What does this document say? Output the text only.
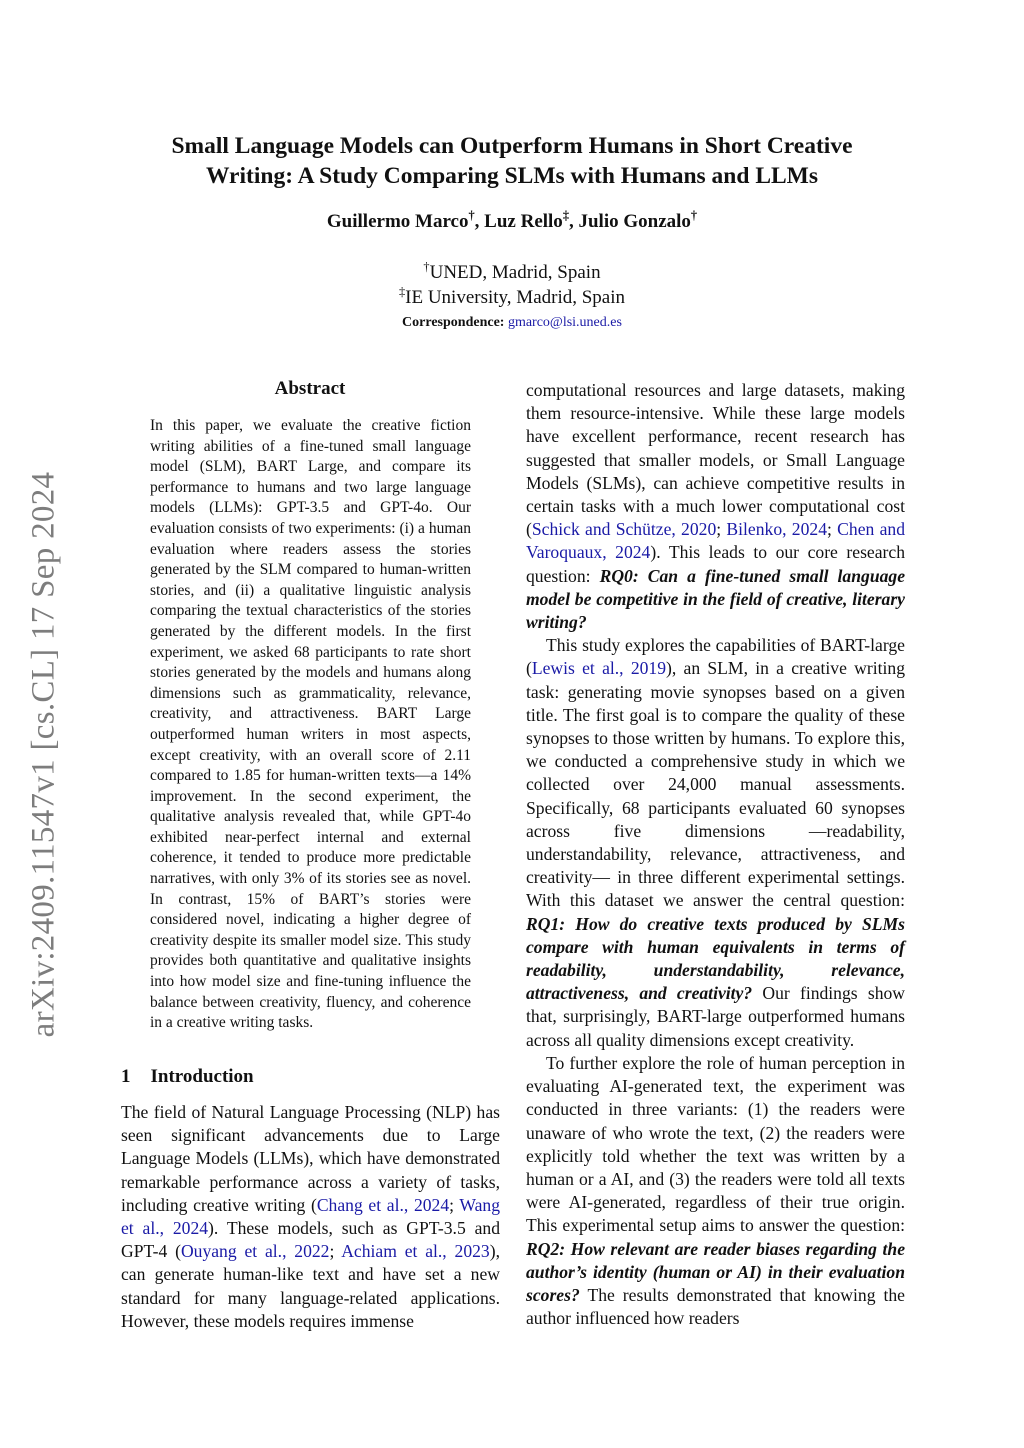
arXiv:2409.11547v1 [cs.CL] 17 Sep 2024
Small Language Models can Outperform Humans in Short Creative
Writing: A Study Comparing SLMs with Humans and LLMs
Guillermo Marco†, Luz Rello‡, Julio Gonzalo†
†UNED, Madrid, Spain
‡IE University, Madrid, Spain
Correspondence: gmarco@lsi.uned.es
Abstract
In this paper, we evaluate the creative fiction writing abilities of a fine-tuned small language model (SLM), BART Large, and compare its performance to humans and two large language models (LLMs): GPT-3.5 and GPT-4o. Our evaluation consists of two experiments: (i) a human evaluation where readers assess the stories generated by the SLM compared to human-written stories, and (ii) a qualitative linguistic analysis comparing the textual characteristics of the stories generated by the different models. In the first experiment, we asked 68 participants to rate short stories generated by the models and humans along dimensions such as grammaticality, relevance, creativity, and attractiveness. BART Large outperformed human writers in most aspects, except creativity, with an overall score of 2.11 compared to 1.85 for human-written texts—a 14% improvement. In the second experiment, the qualitative analysis revealed that, while GPT-4o exhibited near-perfect internal and external coherence, it tended to produce more predictable narratives, with only 3% of its stories see as novel. In contrast, 15% of BART’s stories were considered novel, indicating a higher degree of creativity despite its smaller model size. This study provides both quantitative and qualitative insights into how model size and fine-tuning influence the balance between creativity, fluency, and coherence in a creative writing tasks.
1 Introduction

The field of Natural Language Processing (NLP) has seen significant advancements due to Large Language Models (LLMs), which have demonstrated remarkable performance across a variety of tasks, including creative writing (Chang et al., 2024; Wang et al., 2024). These models, such as GPT-3.5 and GPT-4 (Ouyang et al., 2022; Achiam et al., 2023), can generate human-like text and have set a new standard for many language-related applications. However, these models requires immense

computational resources and large datasets, making them resource-intensive. While these large models have excellent performance, recent research has suggested that smaller models, or Small Language Models (SLMs), can achieve competitive results in certain tasks with a much lower computational cost (Schick and Schütze, 2020; Bilenko, 2024; Chen and Varoquaux, 2024). This leads to our core research question: RQ0: Can a fine-tuned small language model be competitive in the field of creative, literary writing?

This study explores the capabilities of BART-large (Lewis et al., 2019), an SLM, in a creative writing task: generating movie synopses based on a given title. The first goal is to compare the quality of these synopses to those written by humans. To explore this, we conducted a comprehensive study in which we collected over 24,000 manual assessments. Specifically, 68 participants evaluated 60 synopses across five dimensions —readability, understandability, relevance, attractiveness, and creativity— in three different experimental settings. With this dataset we answer the central question: RQ1: How do creative texts produced by SLMs compare with human equivalents in terms of readability, understandability, relevance, attractiveness, and creativity? Our findings show that, surprisingly, BART-large outperformed humans across all quality dimensions except creativity.

To further explore the role of human perception in evaluating AI-generated text, the experiment was conducted in three variants: (1) the readers were unaware of who wrote the text, (2) the readers were explicitly told whether the text was written by a human or a AI, and (3) the readers were told all texts were AI-generated, regardless of their true origin. This experimental setup aims to answer the question: RQ2: How relevant are reader biases regarding the author’s identity (human or AI) in their evaluation scores? The results demonstrated that knowing the author influenced how readers
